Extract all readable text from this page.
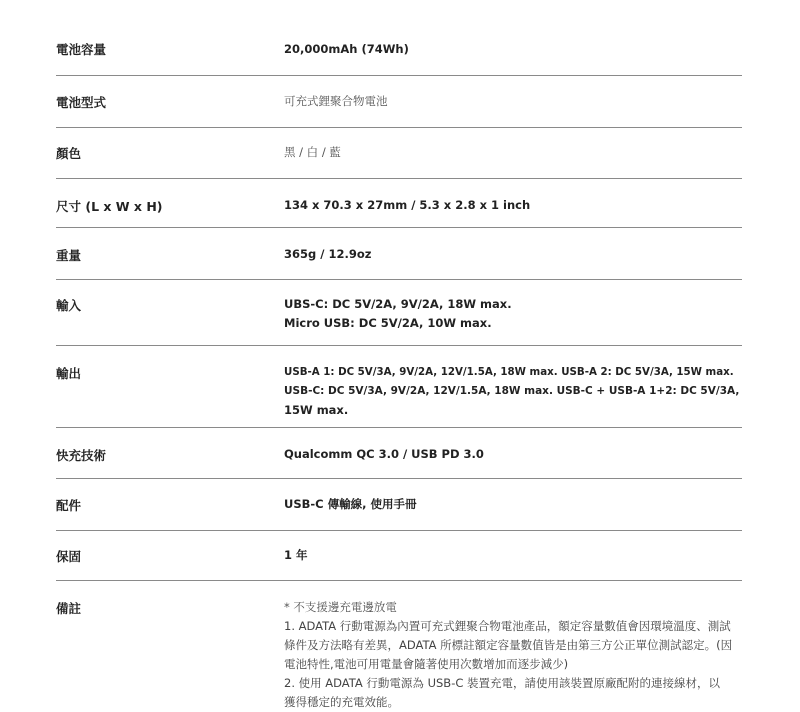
電池容量	20,000mAh (74Wh)
電池型式	可充式鋰聚合物電池
顏色	黑 / 白 / 藍
尺寸 (L x W x H)	134 x 70.3 x 27mm / 5.3 x 2.8 x 1 inch
重量	365g / 12.9oz
輸入	UBS-C: DC 5V/2A, 9V/2A, 18W max.
Micro USB: DC 5V/2A, 10W max.
輸出	USB-A 1: DC 5V/3A, 9V/2A, 12V/1.5A, 18W max. USB-A 2: DC 5V/3A, 15W max.
USB-C: DC 5V/3A, 9V/2A, 12V/1.5A, 18W max. USB-C + USB-A 1+2: DC 5V/3A,
15W max.
快充技術	Qualcomm QC 3.0 / USB PD 3.0
配件	USB-C 傳輸線, 使用手冊
保固	1 年
備註	* 不支援邊充電邊放電
1. ADATA 行動電源為內置可充式鋰聚合物電池產品，額定容量數值會因環境溫度、測試
條件及方法略有差異，ADATA 所標註額定容量數值皆是由第三方公正單位測試認定。(因
電池特性,電池可用電量會隨著使用次數增加而逐步減少)
2. 使用 ADATA 行動電源為 USB-C 裝置充電，請使用該裝置原廠配附的連接線材，以
獲得穩定的充電效能。
